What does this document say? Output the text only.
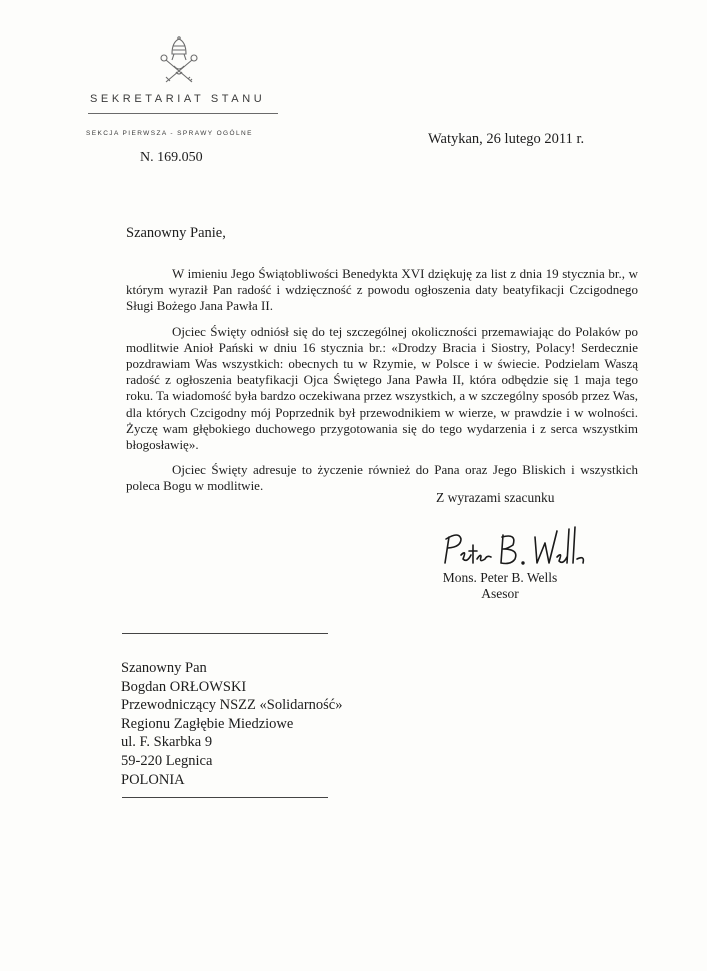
SEKRETARIAT STANU
SEKCJA PIERWSZA - SPRAWY OGÓLNE
N. 169.050
Watykan, 26 lutego 2011 r.
Szanowny Panie,

W imieniu Jego Świątobliwości Benedykta XVI dziękuję za list z dnia 19 stycznia br., w którym wyraził Pan radość i wdzięczność z powodu ogłoszenia daty beatyfikacji Czcigodnego Sługi Bożego Jana Pawła II.

Ojciec Święty odniósł się do tej szczególnej okoliczności przemawiając do Polaków po modlitwie Anioł Pański w dniu 16 stycznia br.: «Drodzy Bracia i Siostry, Polacy! Serdecznie pozdrawiam Was wszystkich: obecnych tu w Rzymie, w Polsce i w świecie. Podzielam Waszą radość z ogłoszenia beatyfikacji Ojca Świętego Jana Pawła II, która odbędzie się 1 maja tego roku. Ta wiadomość była bardzo oczekiwana przez wszystkich, a w szczególny sposób przez Was, dla których Czcigodny mój Poprzednik był przewodnikiem w wierze, w prawdzie i w wolności. Życzę wam głębokiego duchowego przygotowania się do tego wydarzenia i z serca wszystkim błogosławię».

Ojciec Święty adresuje to życzenie również do Pana oraz Jego Bliskich i wszystkich poleca Bogu w modlitwie.

Z wyrazami szacunku
Mons. Peter B. Wells
Asesor
Szanowny Pan
Bogdan ORŁOWSKI
Przewodniczący NSZZ «Solidarność»
Regionu Zagłębie Miedziowe
ul. F. Skarbka 9
59-220 Legnica
POLONIA
